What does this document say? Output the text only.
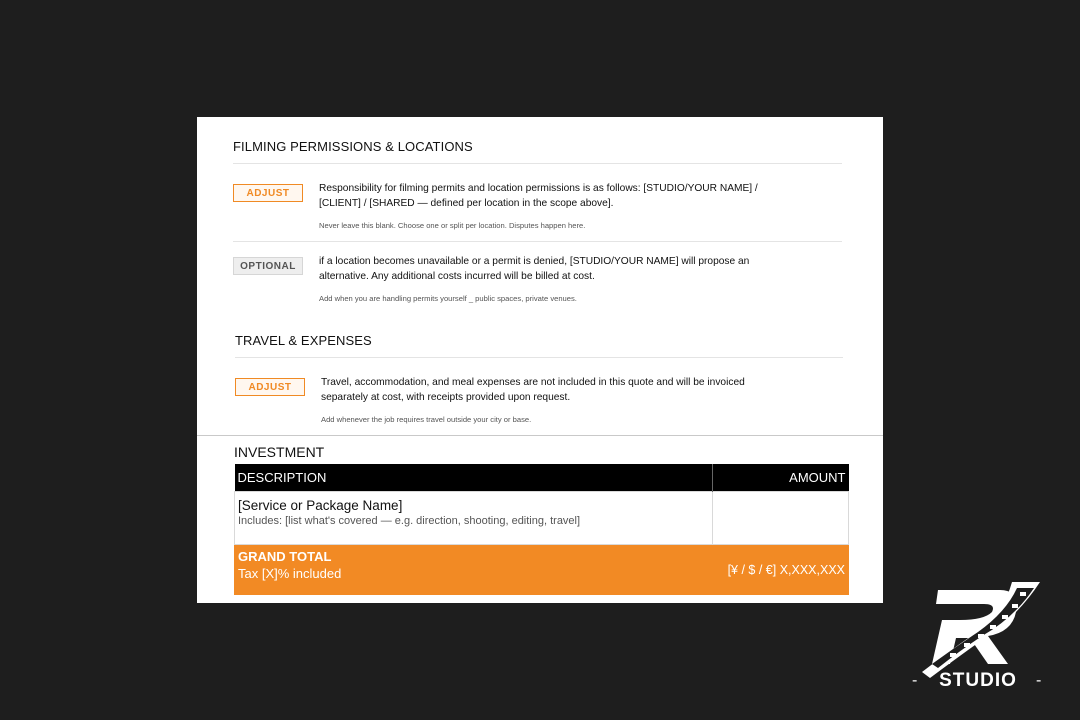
FILMING PERMISSIONS & LOCATIONS
ADJUST	Responsibility for filming permits and location permissions is as follows: [STUDIO/YOUR NAME] / [CLIENT] / [SHARED — defined per location in the scope above].
Never leave this blank. Choose one or split per location. Disputes happen here.
OPTIONAL	if a location becomes unavailable or a permit is denied, [STUDIO/YOUR NAME] will propose an alternative. Any additional costs incurred will be billed at cost.
Add when you are handling permits yourself _ public spaces, private venues.
TRAVEL & EXPENSES
ADJUST	Travel, accommodation, and meal expenses are not included in this quote and will be invoiced separately at cost, with receipts provided upon request.
Add whenever the job requires travel outside your city or base.
INVESTMENT
DESCRIPTION	AMOUNT

[Service or Package Name]
Includes: [list what's covered — e.g. direction, shooting, editing, travel]	

GRAND TOTAL
Tax [X]% included	[¥ / $ / €] X,XXX,XXX
-	STUDIO	-
